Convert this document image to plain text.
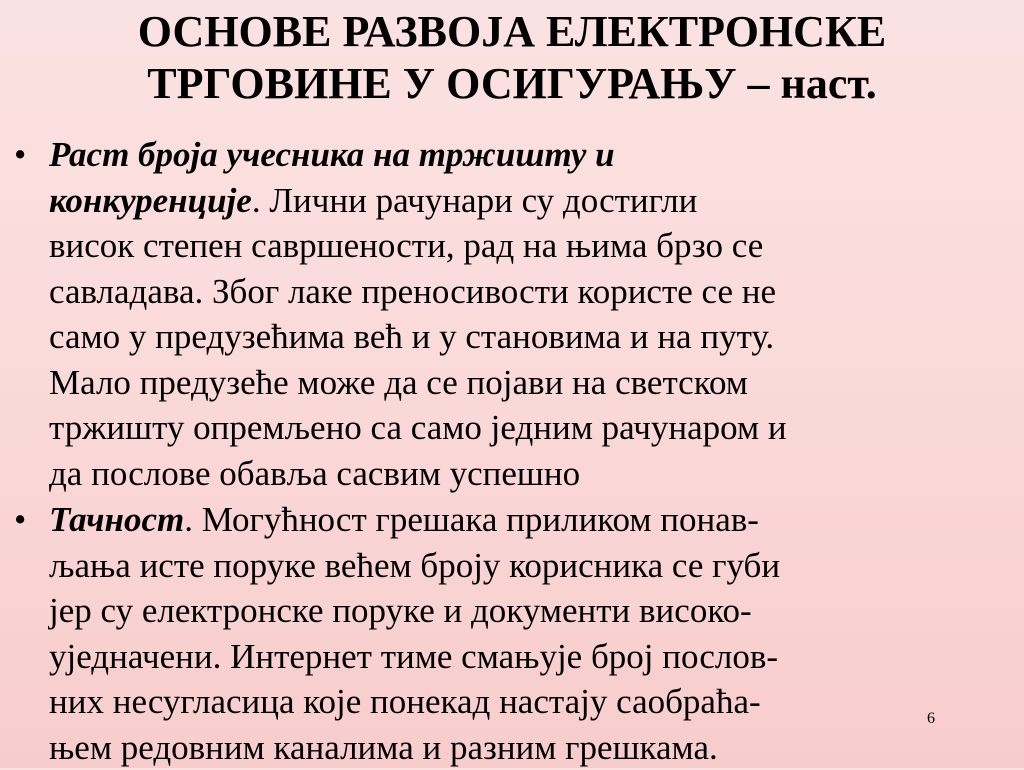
ОСНОВЕ РАЗВОЈА ЕЛЕКТРОНСКЕ
ТРГОВИНЕ У ОСИГУРАЊУ – наст.
• Раст броја учесника на тржишту и
конкуренције. Лични рачунари су достигли
висок степен савршености, рад на њима брзо се
савладава. Због лаке преносивости користе се не
само у предузећима већ и у становима и на путу.
Мало предузеће може да се појави на светском
тржишту опремљено са само једним рачунаром и
да послове обавља сасвим успешно
• Тачност. Могућност грешака приликом понав-
љања исте поруке већем броју корисника се губи
јер су електронске поруке и документи високо-
уједначени. Интернет тиме смањује број послов-
них несугласица које понекад настају саобраћа-
њем редовним каналима и разним грешкама.
6
